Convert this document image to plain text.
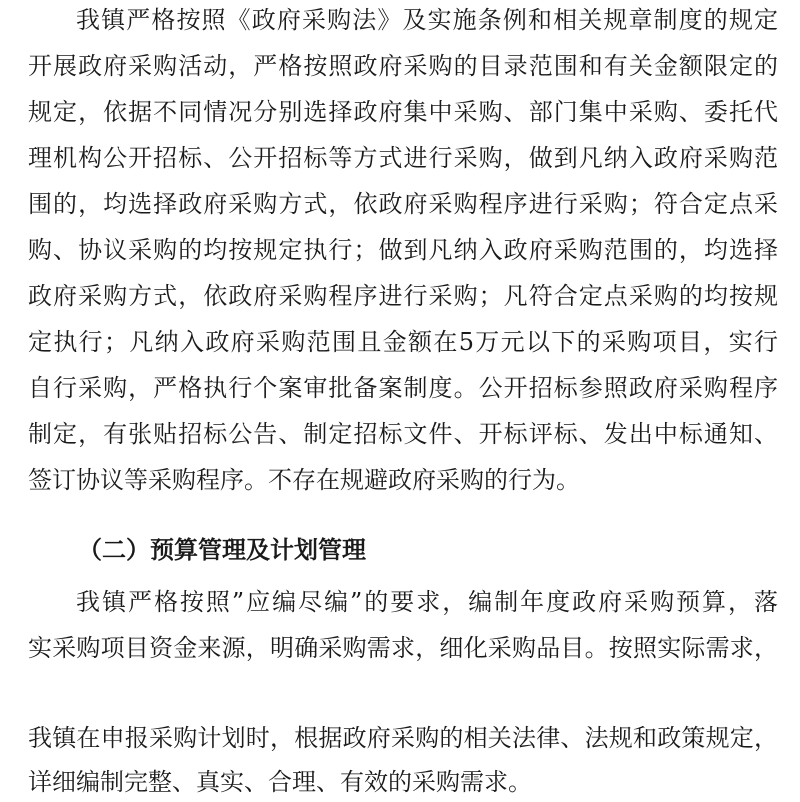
我镇严格按照《政府采购法》及实施条例和相关规章制度的规定
开展政府采购活动，严格按照政府采购的目录范围和有关金额限定的
规定，依据不同情况分别选择政府集中采购、部门集中采购、委托代
理机构公开招标、公开招标等方式进行采购，做到凡纳入政府采购范
围的，均选择政府采购方式，依政府采购程序进行采购；符合定点采
购、协议采购的均按规定执行；做到凡纳入政府采购范围的，均选择
政府采购方式，依政府采购程序进行采购；凡符合定点采购的均按规
定执行；凡纳入政府采购范围且金额在5万元以下的采购项目，实行
自行采购，严格执行个案审批备案制度。公开招标参照政府采购程序
制定，有张贴招标公告、制定招标文件、开标评标、发出中标通知、
签订协议等采购程序。不存在规避政府采购的行为。
（二）预算管理及计划管理
我镇严格按照”应编尽编”的要求，编制年度政府采购预算，落
实采购项目资金来源，明确采购需求，细化采购品目。按照实际需求，
我镇在申报采购计划时，根据政府采购的相关法律、法规和政策规定，
详细编制完整、真实、合理、有效的采购需求。
